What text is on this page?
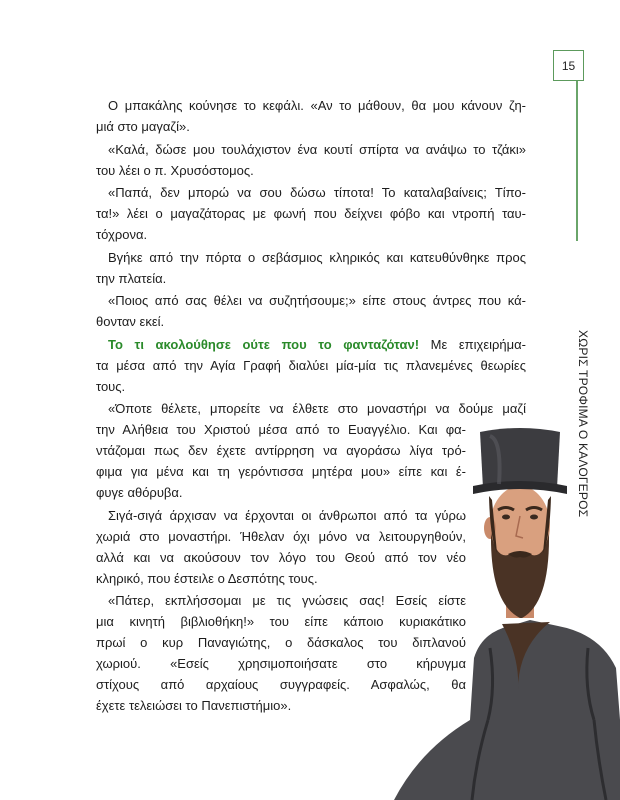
15
ΧΩΡΙΣ ΤΡΟΦΙΜΑ Ο ΚΑΛΟΓΕΡΟΣ
Ο μπακάλης κούνησε το κεφάλι. «Αν το μάθουν, θα μου κάνουν ζη-
μιά στο μαγαζί».
«Καλά, δώσε μου τουλάχιστον ένα κουτί σπίρτα να ανάψω το τζάκι»
του λέει ο π. Χρυσόστομος.
«Παπά, δεν μπορώ να σου δώσω τίποτα! Το καταλαβαίνεις; Τίπο-
τα!» λέει ο μαγαζάτορας με φωνή που δείχνει φόβο και ντροπή ταυ-
τόχρονα.
Βγήκε από την πόρτα ο σεβάσμιος κληρικός και κατευθύνθηκε προς
την πλατεία.
«Ποιος από σας θέλει να συζητήσουμε;» είπε στους άντρες που κά-
θονταν εκεί.
Το τι ακολούθησε ούτε που το φανταζόταν! Με επιχειρήμα-
τα μέσα από την Αγία Γραφή διαλύει μία-μία τις πλανεμένες θεωρίες
τους.
«Όποτε θέλετε, μπορείτε να έλθετε στο μοναστήρι να δούμε μαζί
την Αλήθεια του Χριστού μέσα από το Ευαγγέλιο. Και φα-
ντάζομαι πως δεν έχετε αντίρρηση να αγοράσω λίγα τρό-
φιμα για μένα και τη γερόντισσα μητέρα μου» είπε και έ-
φυγε αθόρυβα.
Σιγά-σιγά άρχισαν να έρχονται οι άνθρωποι από τα γύρω
χωριά στο μοναστήρι. Ήθελαν όχι μόνο να λειτουργηθούν,
αλλά και να ακούσουν τον λόγο του Θεού από τον νέο
κληρικό, που έστειλε ο Δεσπότης τους.
«Πάτερ, εκπλήσσομαι με τις γνώσεις σας! Εσείς είστε
μια κινητή βιβλιοθήκη!» του είπε κάποιο κυριακάτικο
πρωί ο κυρ Παναγιώτης, ο δάσκαλος του διπλανού
χωριού. «Εσείς χρησιμοποιήσατε στο κήρυγμα
στίχους από αρχαίους συγγραφείς. Ασφαλώς, θα
έχετε τελειώσει το Πανεπιστήμιο».
